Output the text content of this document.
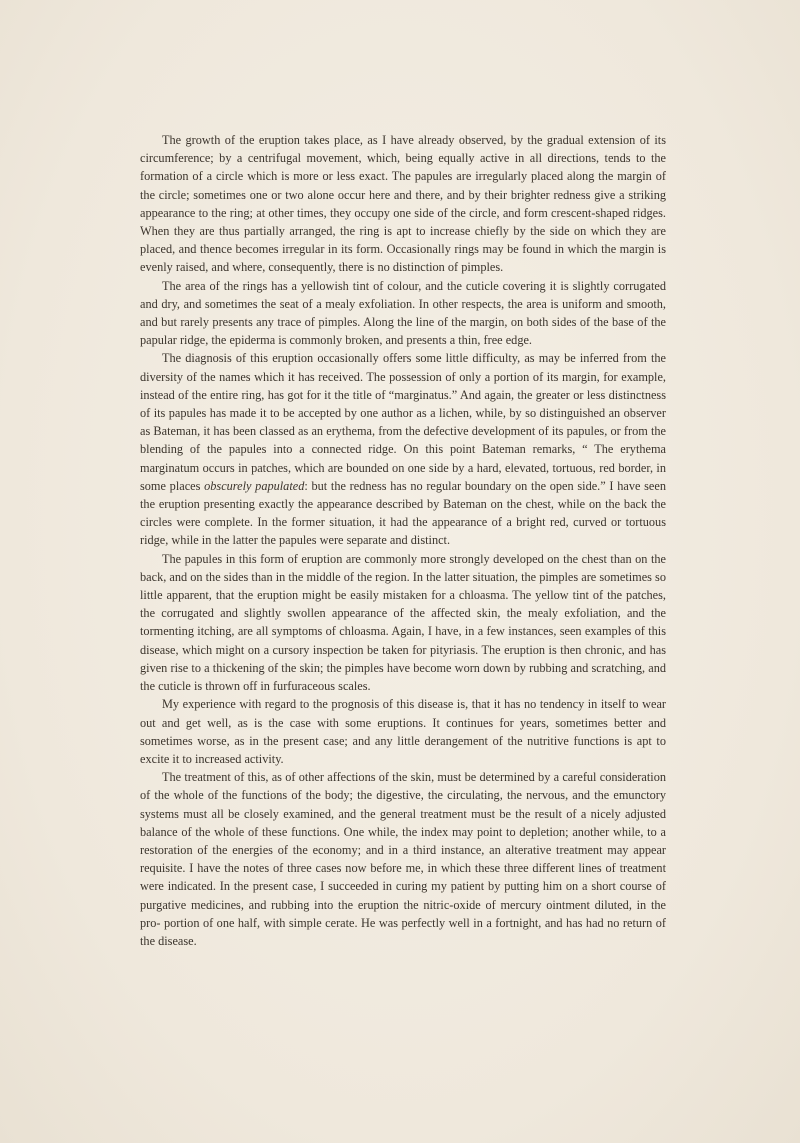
The growth of the eruption takes place, as I have already observed, by the gradual extension of its circumference; by a centrifugal movement, which, being equally active in all directions, tends to the formation of a circle which is more or less exact. The papules are irregularly placed along the margin of the circle; sometimes one or two alone occur here and there, and by their brighter redness give a striking appearance to the ring; at other times, they occupy one side of the circle, and form crescent-shaped ridges. When they are thus partially arranged, the ring is apt to increase chiefly by the side on which they are placed, and thence becomes irregular in its form. Occasionally rings may be found in which the margin is evenly raised, and where, consequently, there is no distinction of pimples.

The area of the rings has a yellowish tint of colour, and the cuticle covering it is slightly corrugated and dry, and sometimes the seat of a mealy exfoliation. In other respects, the area is uniform and smooth, and but rarely presents any trace of pimples. Along the line of the margin, on both sides of the base of the papular ridge, the epiderma is commonly broken, and presents a thin, free edge.

The diagnosis of this eruption occasionally offers some little difficulty, as may be inferred from the diversity of the names which it has received. The possession of only a portion of its margin, for example, instead of the entire ring, has got for it the title of “marginatus.” And again, the greater or less distinctness of its papules has made it to be accepted by one author as a lichen, while, by so distinguished an observer as Bateman, it has been classed as an erythema, from the defective development of its papules, or from the blending of the papules into a connected ridge. On this point Bateman remarks, “ The erythema marginatum occurs in patches, which are bounded on one side by a hard, elevated, tortuous, red border, in some places obscurely papulated: but the redness has no regular boundary on the open side.” I have seen the eruption presenting exactly the appearance described by Bateman on the chest, while on the back the circles were complete. In the former situation, it had the appearance of a bright red, curved or tortuous ridge, while in the latter the papules were separate and distinct.

The papules in this form of eruption are commonly more strongly developed on the chest than on the back, and on the sides than in the middle of the region. In the latter situation, the pimples are sometimes so little apparent, that the eruption might be easily mistaken for a chloasma. The yellow tint of the patches, the corrugated and slightly swollen appearance of the affected skin, the mealy exfoliation, and the tormenting itching, are all symptoms of chloasma. Again, I have, in a few instances, seen examples of this disease, which might on a cursory inspection be taken for pityriasis. The eruption is then chronic, and has given rise to a thickening of the skin; the pimples have become worn down by rubbing and scratching, and the cuticle is thrown off in furfuraceous scales.

My experience with regard to the prognosis of this disease is, that it has no tendency in itself to wear out and get well, as is the case with some eruptions. It continues for years, sometimes better and sometimes worse, as in the present case; and any little derangement of the nutritive functions is apt to excite it to increased activity.

The treatment of this, as of other affections of the skin, must be determined by a careful consideration of the whole of the functions of the body; the digestive, the circulating, the nervous, and the emunctory systems must all be closely examined, and the general treatment must be the result of a nicely adjusted balance of the whole of these functions. One while, the index may point to depletion; another while, to a restoration of the energies of the economy; and in a third instance, an alterative treatment may appear requisite. I have the notes of three cases now before me, in which these three different lines of treatment were indicated. In the present case, I succeeded in curing my patient by putting him on a short course of purgative medicines, and rubbing into the eruption the nitric-oxide of mercury ointment diluted, in the pro- portion of one half, with simple cerate. He was perfectly well in a fortnight, and has had no return of the disease.
